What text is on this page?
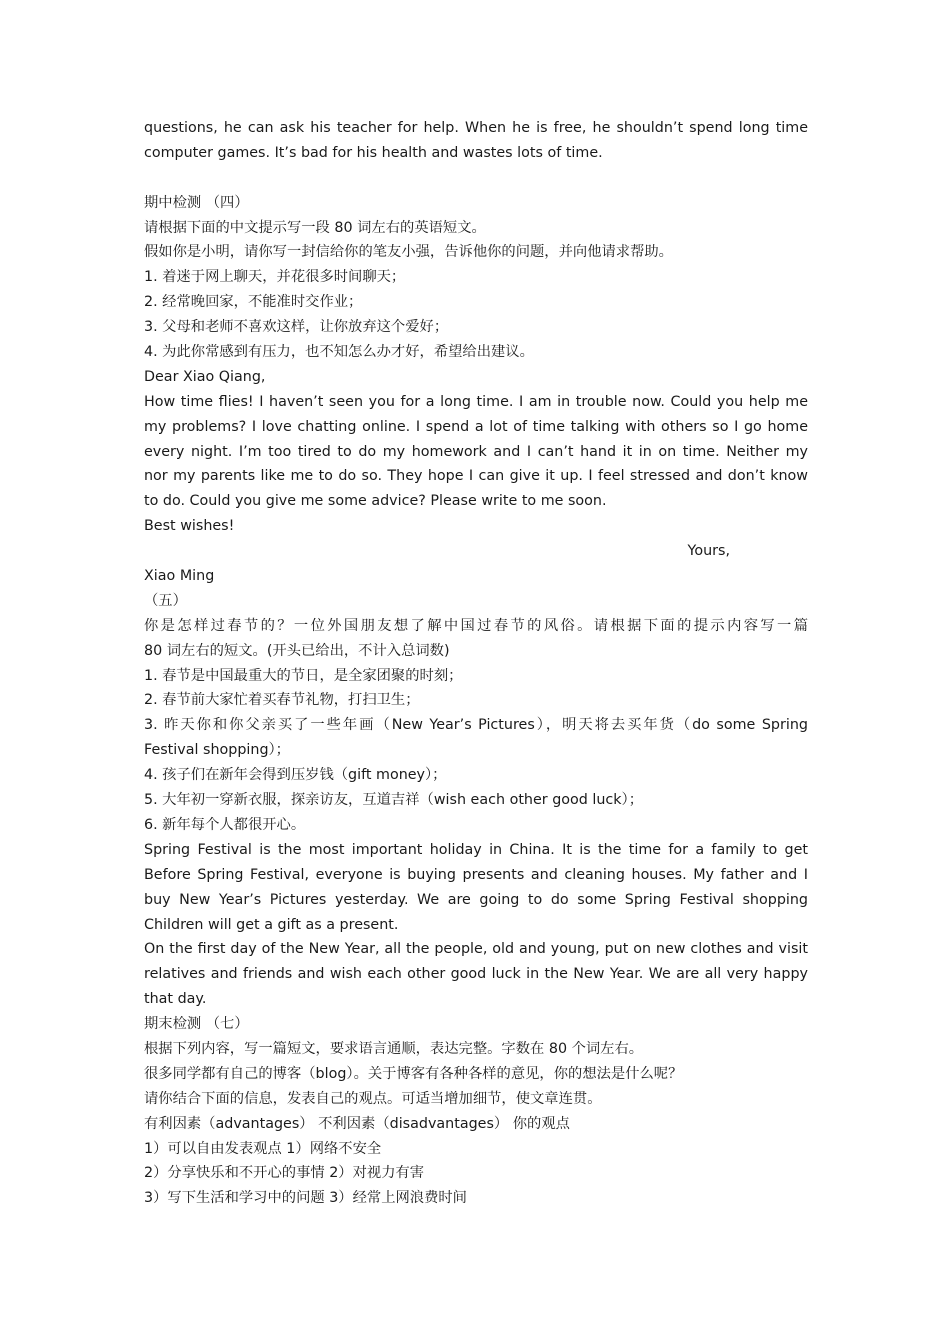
questions, he can ask his teacher for help. When he is free, he shouldn’t spend long time
computer games. It’s bad for his health and wastes lots of time.
期中检测 （四）
请根据下面的中文提示写一段 80 词左右的英语短文。
假如你是小明，请你写一封信给你的笔友小强，告诉他你的问题，并向他请求帮助。
1. 着迷于网上聊天，并花很多时间聊天；
2. 经常晚回家，不能准时交作业；
3. 父母和老师不喜欢这样，让你放弃这个爱好；
4. 为此你常感到有压力，也不知怎么办才好，希望给出建议。
Dear Xiao Qiang,
How time flies! I haven’t seen you for a long time. I am in trouble now. Could you help me
my problems? I love chatting online. I spend a lot of time talking with others so I go home
every night. I’m too tired to do my homework and I can’t hand it in on time. Neither my
nor my parents like me to do so. They hope I can give it up. I feel stressed and don’t know
to do. Could you give me some advice? Please write to me soon.
Best wishes!
Yours,
Xiao Ming
（五）
你是怎样过春节的？一位外国朋友想了解中国过春节的风俗。请根据下面的提示内容写一篇
80 词左右的短文。(开头已给出，不计入总词数)
1. 春节是中国最重大的节日，是全家团聚的时刻；
2. 春节前大家忙着买春节礼物，打扫卫生；
3. 昨天你和你父亲买了一些年画（New Year’s Pictures），明天将去买年货（do some Spring
Festival shopping）；
4. 孩子们在新年会得到压岁钱（gift money）；
5. 大年初一穿新衣服，探亲访友，互道吉祥（wish each other good luck）；
6. 新年每个人都很开心。
Spring Festival is the most important holiday in China. It is the time for a family to get
Before Spring Festival, everyone is buying presents and cleaning houses. My father and I
buy New Year’s Pictures yesterday. We are going to do some Spring Festival shopping
Children will get a gift as a present.
On the first day of the New Year, all the people, old and young, put on new clothes and visit
relatives and friends and wish each other good luck in the New Year. We are all very happy
that day.
期末检测 （七）
根据下列内容，写一篇短文，要求语言通顺，表达完整。字数在 80 个词左右。
很多同学都有自己的博客（blog）。关于博客有各种各样的意见，你的想法是什么呢？
请你结合下面的信息，发表自己的观点。可适当增加细节，使文章连贯。
有利因素（advantages） 不利因素（disadvantages） 你的观点
1）可以自由发表观点 1）网络不安全
2）分享快乐和不开心的事情 2）对视力有害
3）写下生活和学习中的问题 3）经常上网浪费时间
